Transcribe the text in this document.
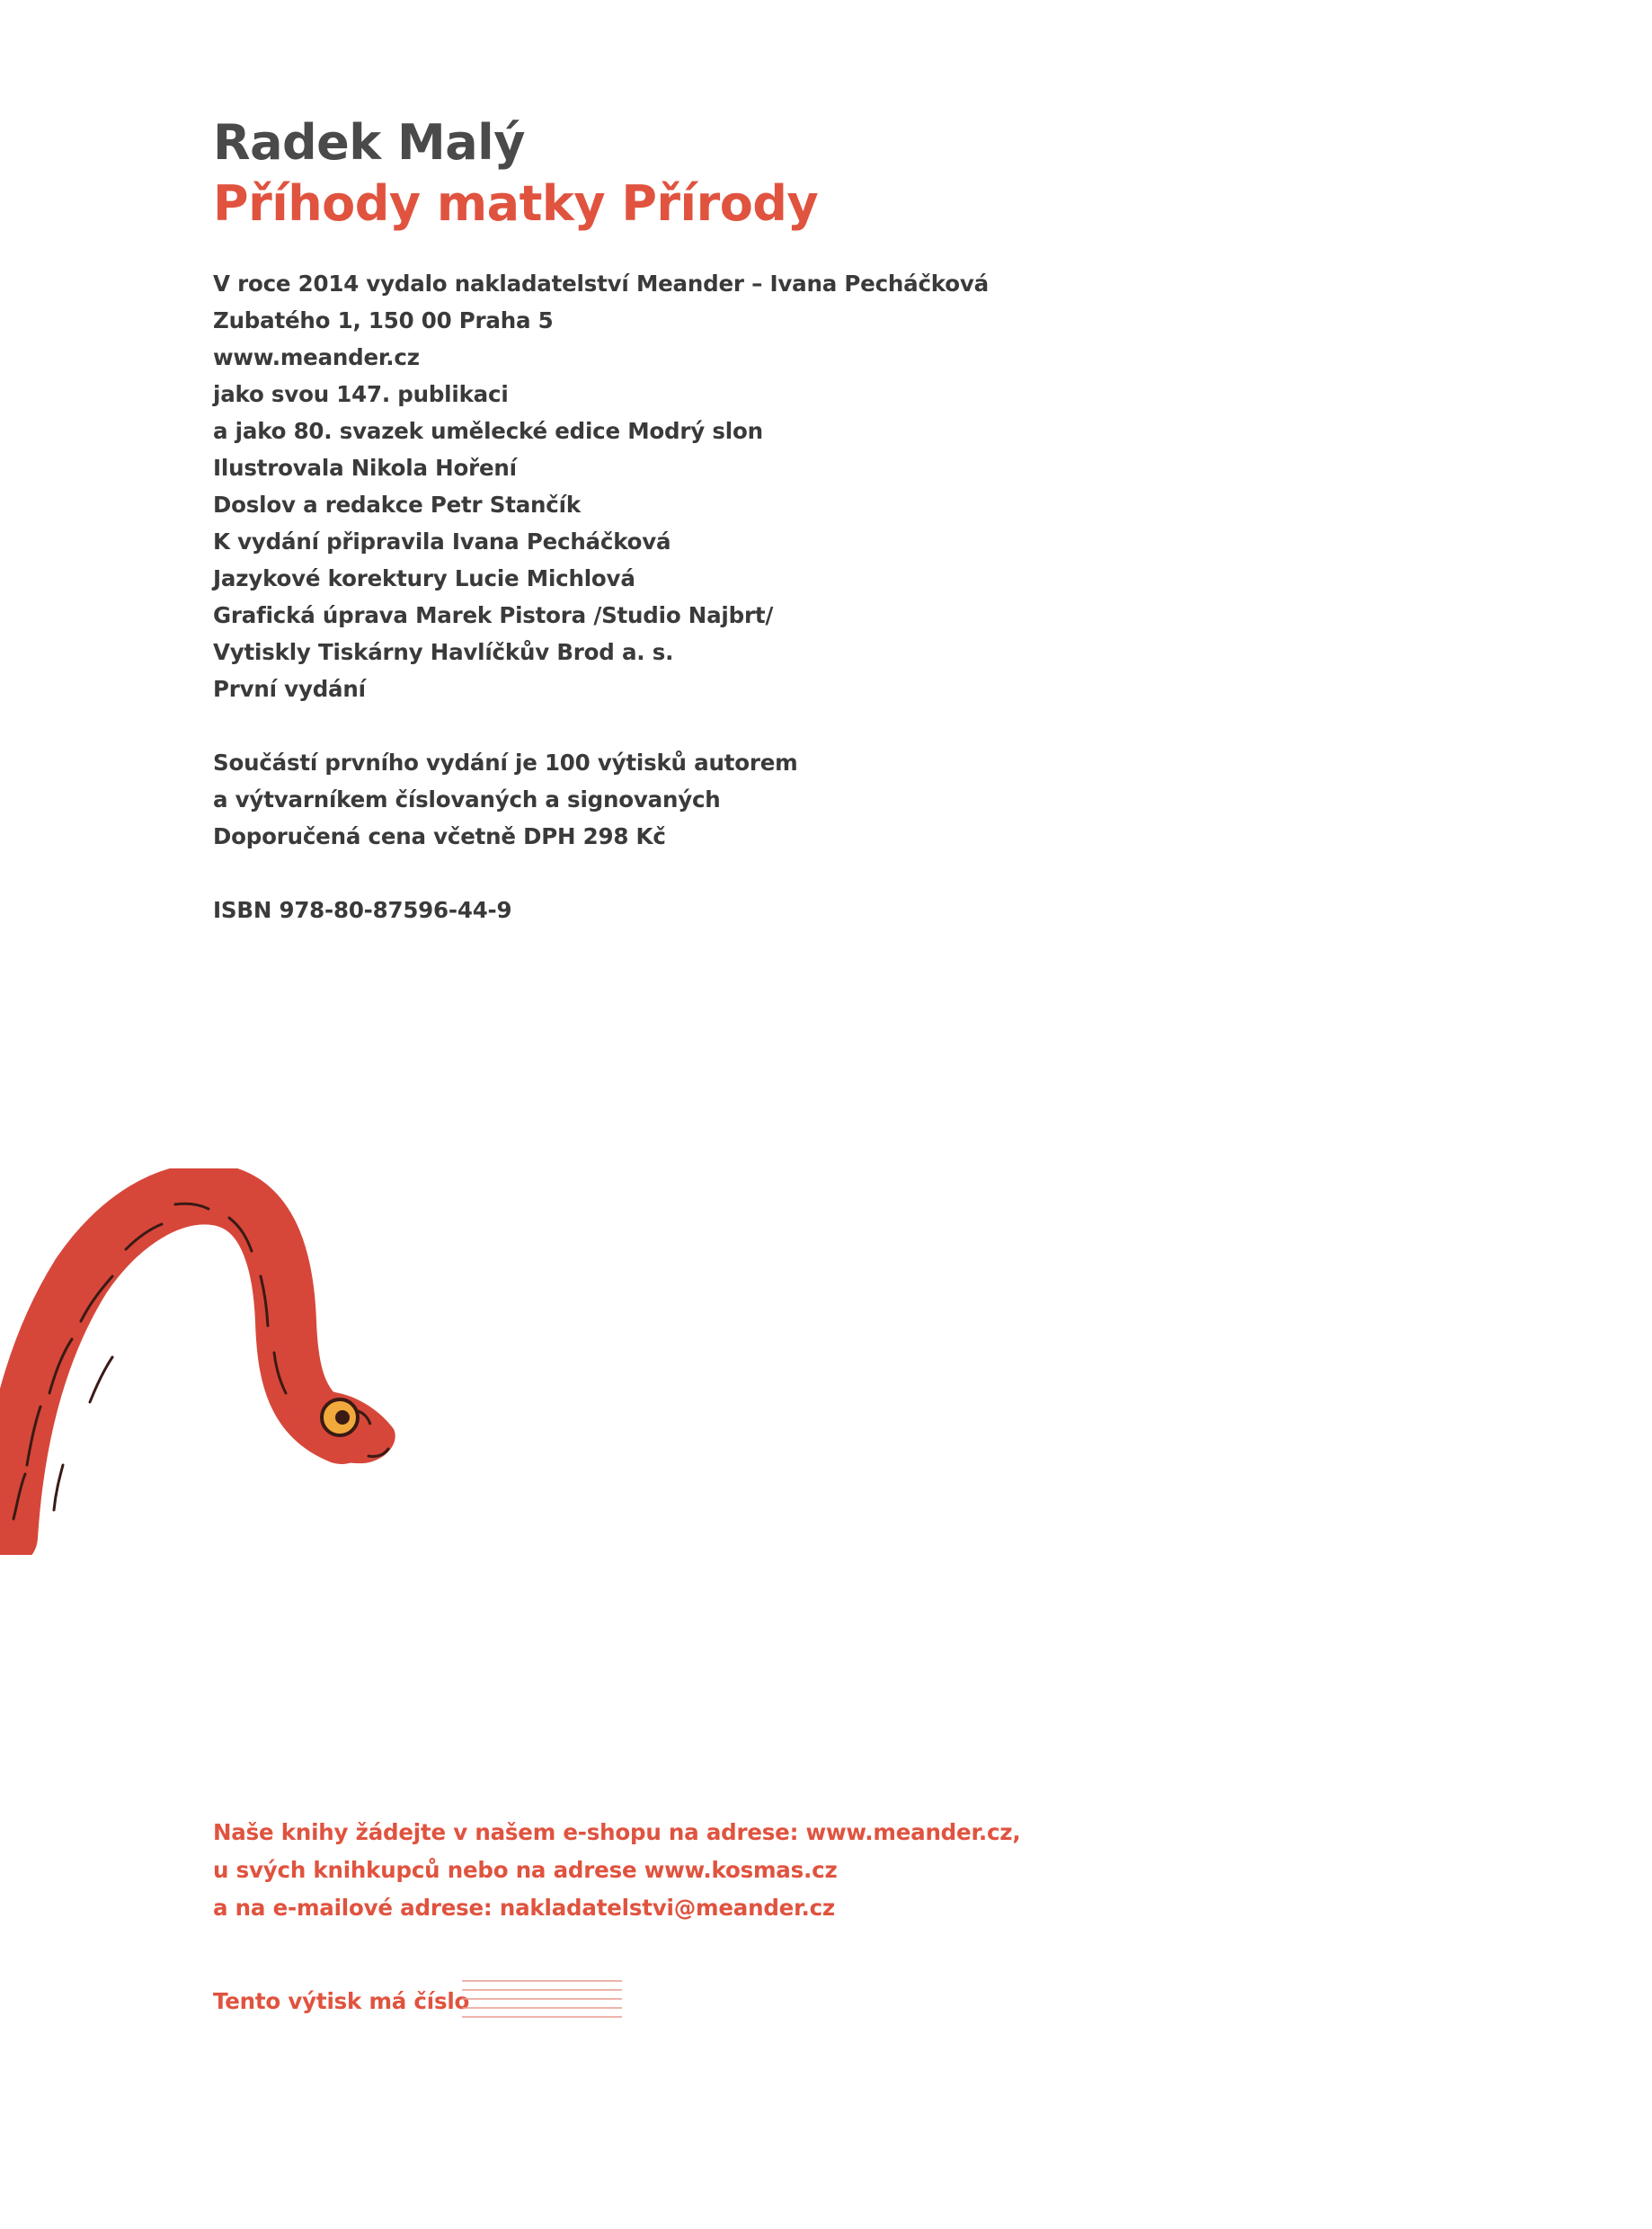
Radek Malý
Příhody matky Přírody
V roce 2014 vydalo nakladatelství Meander – Ivana Pecháčková
Zubatého 1, 150 00 Praha 5
www.meander.cz
jako svou 147. publikaci
a jako 80. svazek umělecké edice Modrý slon
Ilustrovala Nikola Hoření
Doslov a redakce Petr Stančík
K vydání připravila Ivana Pecháčková
Jazykové korektury Lucie Michlová
Grafická úprava Marek Pistora /Studio Najbrt/
Vytiskly Tiskárny Havlíčkův Brod a. s.
První vydání
Součástí prvního vydání je 100 výtisků autorem
a výtvarníkem číslovaných a signovaných
Doporučená cena včetně DPH 298 Kč
ISBN 978-80-87596-44-9
Naše knihy žádejte v našem e-shopu na adrese: www.meander.cz,
u svých knihkupců nebo na adrese www.kosmas.cz
a na e-mailové adrese: nakladatelstvi@meander.cz
Tento výtisk má číslo
